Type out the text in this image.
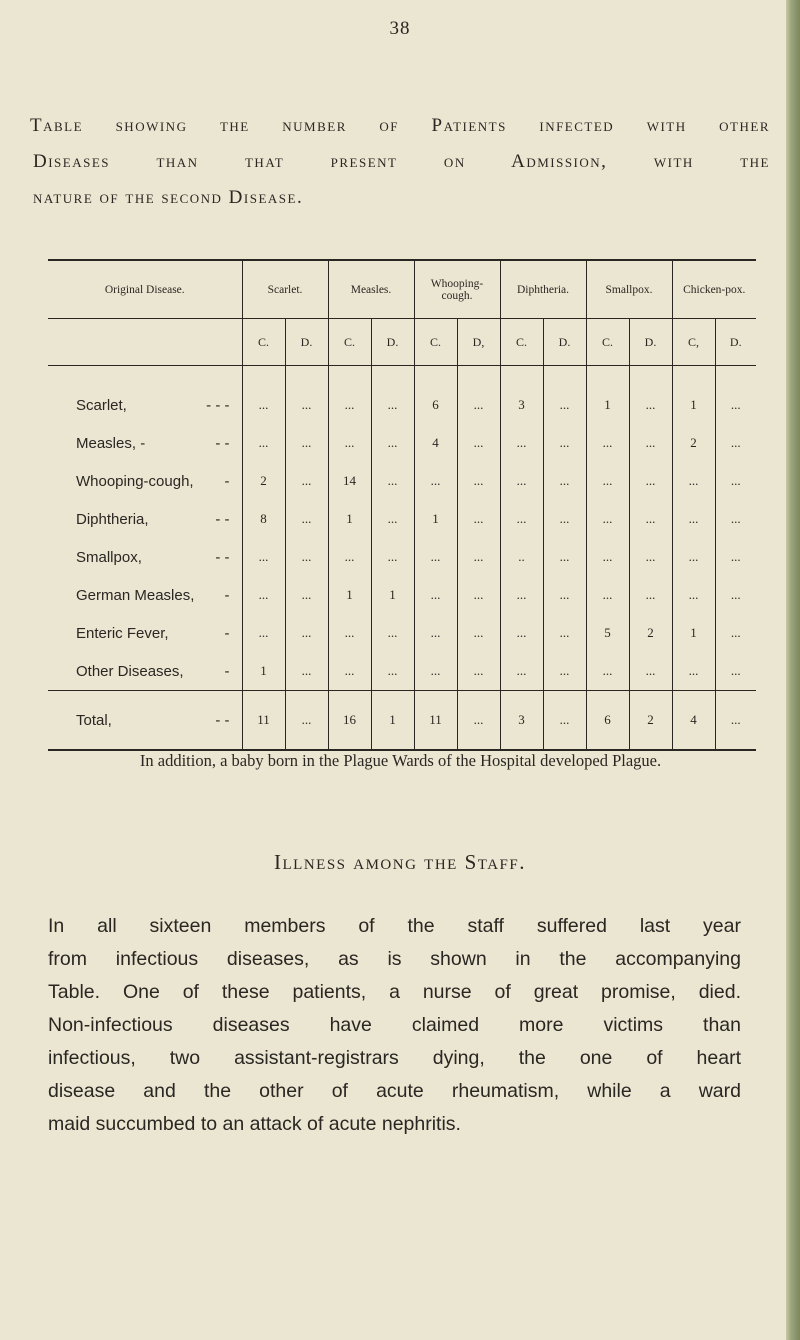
38
Table showing the number of Patients infected with other
Diseases than that present on Admission, with the
nature of the second Disease.

Original Disease.	Scarlet.		Measles.		Whooping-cough.		Diphtheria.		Smallpox.		Chicken-pox.	
	C.	D.	C.	D.	C.	D,	C.	D.	C.	D.	C,	D.

Scarlet, - - -	...	...	...	...	6	...	3	...	1	...	1	...

Measles, - - -	...	...	...	...	4	...	...	...	...	...	2	...

Whooping-cough, -	2	...	14	...	...	...	...	...	...	...	...	...

Diphtheria, - -	8	...	1	...	1	...	...	...	...	...	...	...

Smallpox, - -	...	...	...	...	...	...	..	...	...	...	...	...

German Measles, -	...	...	1	1	...	...	...	...	...	...	...	...

Enteric Fever, -	...	...	...	...	...	...	...	...	5	2	1	...

Other Diseases, -	1	...	...	...	...	...	...	...	...	...	...	...

Total, - -	11	...	16	1	11	...	3	...	6	2	4	...
In addition, a baby born in the Plague Wards of the Hospital developed Plague.
Illness among the Staff.
In all sixteen members of the staff suffered last year
from infectious diseases, as is shown in the accompanying
Table. One of these patients, a nurse of great promise, died.
Non-infectious diseases have claimed more victims than
infectious, two assistant-registrars dying, the one of heart
disease and the other of acute rheumatism, while a ward
maid succumbed to an attack of acute nephritis.
